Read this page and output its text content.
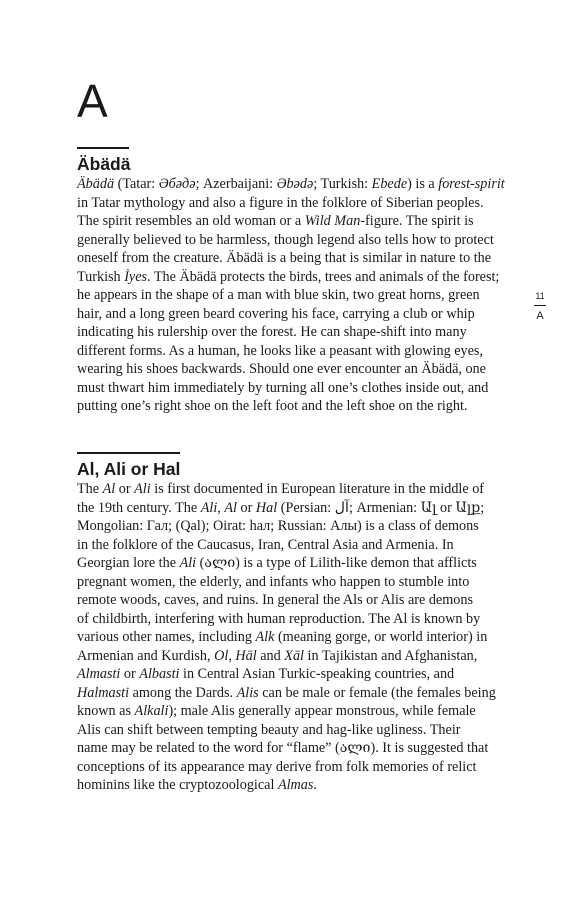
A
Äbädä
Äbädä (Tatar: Әбәдә; Azerbaijani: Əbədə; Turkish: Ebede) is a forest-spirit
in Tatar mythology and also a figure in the folklore of Siberian peoples.
The spirit resembles an old woman or a Wild Man-figure. The spirit is
generally believed to be harmless, though legend also tells how to protect
oneself from the creature. Äbädä is a being that is similar in nature to the
Turkish İyes. The Äbädä protects the birds, trees and animals of the forest;
he appears in the shape of a man with blue skin, two great horns, green
hair, and a long green beard covering his face, carrying a club or whip
indicating his rulership over the forest. He can shape-shift into many
different forms. As a human, he looks like a peasant with glowing eyes,
wearing his shoes backwards. Should one ever encounter an Äbädä, one
must thwart him immediately by turning all one’s clothes inside out, and
putting one’s right shoe on the left foot and the left shoe on the right.
Al, Ali or Hal
The Al or Ali is first documented in European literature in the middle of
the 19th century. The Ali, Al or Hal (Persian: آل; Armenian: Ալ or Ալք;
Mongolian: Гал; (Qal); Oirat: һал; Russian: Алы) is a class of demons
in the folklore of the Caucasus, Iran, Central Asia and Armenia. In
Georgian lore the Ali (ალი) is a type of Lilith-like demon that afflicts
pregnant women, the elderly, and infants who happen to stumble into
remote woods, caves, and ruins. In general the Als or Alis are demons
of childbirth, interfering with human reproduction. The Al is known by
various other names, including Alk (meaning gorge, or world interior) in
Armenian and Kurdish, Ol, Hāl and Xāl in Tajikistan and Afghanistan,
Almasti or Albasti in Central Asian Turkic-speaking countries, and
Halmasti among the Dards. Alis can be male or female (the females being
known as Alkali); male Alis generally appear monstrous, while female
Alis can shift between tempting beauty and hag-like ugliness. Their
name may be related to the word for “flame” (ალი). It is suggested that
conceptions of its appearance may derive from folk memories of relict
hominins like the cryptozoological Almas.
11
A
